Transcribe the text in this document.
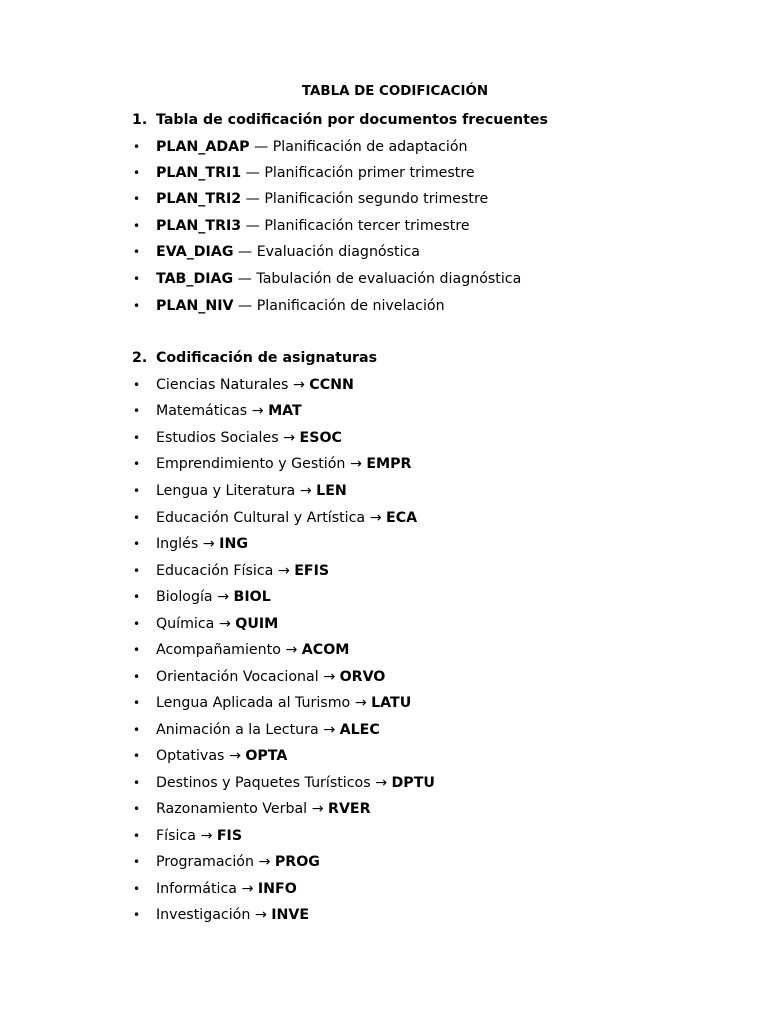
TABLA DE CODIFICACIÓN
1. Tabla de codificación por documentos frecuentes
• PLAN_ADAP — Planificación de adaptación
• PLAN_TRI1 — Planificación primer trimestre
• PLAN_TRI2 — Planificación segundo trimestre
• PLAN_TRI3 — Planificación tercer trimestre
• EVA_DIAG — Evaluación diagnóstica
• TAB_DIAG — Tabulación de evaluación diagnóstica
• PLAN_NIV — Planificación de nivelación
2. Codificación de asignaturas
• Ciencias Naturales → CCNN
• Matemáticas → MAT
• Estudios Sociales → ESOC
• Emprendimiento y Gestión → EMPR
• Lengua y Literatura → LEN
• Educación Cultural y Artística → ECA
• Inglés → ING
• Educación Física → EFIS
• Biología → BIOL
• Química → QUIM
• Acompañamiento → ACOM
• Orientación Vocacional → ORVO
• Lengua Aplicada al Turismo → LATU
• Animación a la Lectura → ALEC
• Optativas → OPTA
• Destinos y Paquetes Turísticos → DPTU
• Razonamiento Verbal → RVER
• Física → FIS
• Programación → PROG
• Informática → INFO
• Investigación → INVE
